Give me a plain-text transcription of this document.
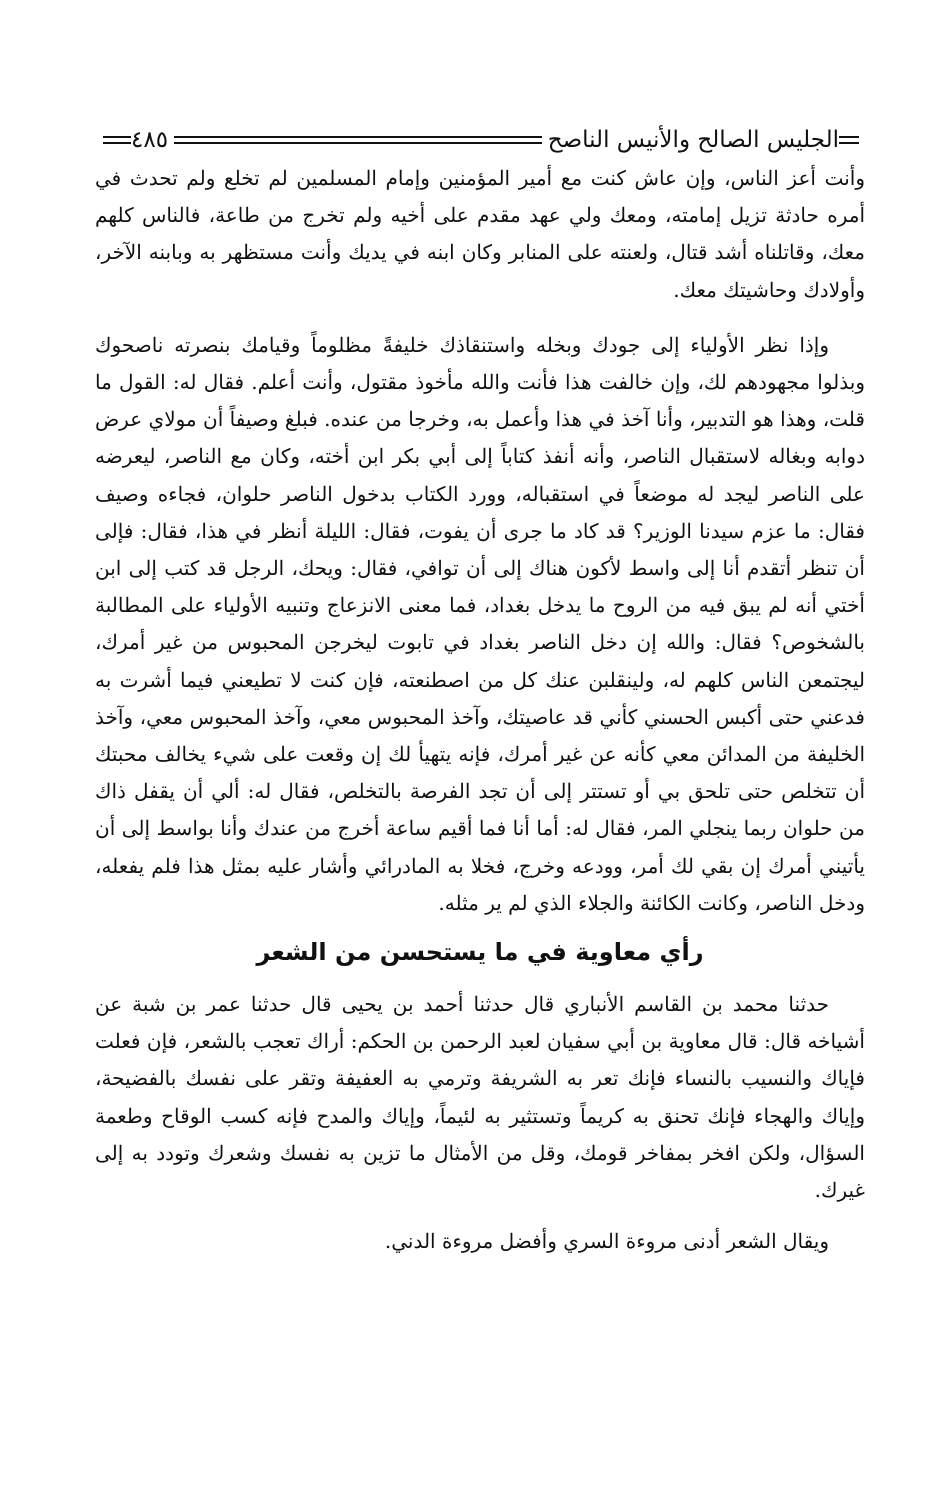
الجليس الصالح والأنيس الناصح
٤٨٥

وأنت أعز الناس، وإن عاش كنت مع أمير المؤمنين وإمام المسلمين لم تخلع ولم تحدث في أمره حادثة تزيل إمامته، ومعك ولي عهد مقدم على أخيه ولم تخرج من طاعة، فالناس كلهم معك، وقاتلناه أشد قتال، ولعنته على المنابر وكان ابنه في يديك وأنت مستظهر به وبابنه الآخر، وأولادك وحاشيتك معك.

وإذا نظر الأولياء إلى جودك وبخله واستنقاذك خليفةً مظلوماً وقيامك بنصرته ناصحوك وبذلوا مجهودهم لك، وإن خالفت هذا فأنت والله مأخوذ مقتول، وأنت أعلم. فقال له: القول ما قلت، وهذا هو التدبير، وأنا آخذ في هذا وأعمل به، وخرجا من عنده. فبلغ وصيفاً أن مولاي عرض دوابه وبغاله لاستقبال الناصر، وأنه أنفذ كتاباً إلى أبي بكر ابن أخته، وكان مع الناصر، ليعرضه على الناصر ليجد له موضعاً في استقباله، وورد الكتاب بدخول الناصر حلوان، فجاءه وصيف فقال: ما عزم سيدنا الوزير؟ قد كاد ما جرى أن يفوت، فقال: الليلة أنظر في هذا، فقال: فإلى أن تنظر أتقدم أنا إلى واسط لأكون هناك إلى أن توافي، فقال: ويحك، الرجل قد كتب إلى ابن أختي أنه لم يبق فيه من الروح ما يدخل بغداد، فما معنى الانزعاج وتنبيه الأولياء على المطالبة بالشخوص؟ فقال: والله إن دخل الناصر بغداد في تابوت ليخرجن المحبوس من غير أمرك، ليجتمعن الناس كلهم له، ولينقلبن عنك كل من اصطنعته، فإن كنت لا تطيعني فيما أشرت به فدعني حتى أكبس الحسني كأني قد عاصيتك، وآخذ المحبوس معي، وآخذ المحبوس معي، وآخذ الخليفة من المدائن معي كأنه عن غير أمرك، فإنه يتهيأ لك إن وقعت على شيء يخالف محبتك أن تتخلص حتى تلحق بي أو تستتر إلى أن تجد الفرصة بالتخلص، فقال له: ألي أن يقفل ذاك من حلوان ربما ينجلي المر، فقال له: أما أنا فما أقيم ساعة أخرج من عندك وأنا بواسط إلى أن يأتيني أمرك إن بقي لك أمر، وودعه وخرج، فخلا به المادرائي وأشار عليه بمثل هذا فلم يفعله، ودخل الناصر، وكانت الكائنة والجلاء الذي لم ير مثله.

رأي معاوية في ما يستحسن من الشعر

حدثنا محمد بن القاسم الأنباري قال حدثنا أحمد بن يحيى قال حدثنا عمر بن شبة عن أشياخه قال: قال معاوية بن أبي سفيان لعبد الرحمن بن الحكم: أراك تعجب بالشعر، فإن فعلت فإياك والنسيب بالنساء فإنك تعر به الشريفة وترمي به العفيفة وتقر على نفسك بالفضيحة، وإياك والهجاء فإنك تحنق به كريماً وتستثير به لئيماً، وإياك والمدح فإنه كسب الوقاح وطعمة السؤال، ولكن افخر بمفاخر قومك، وقل من الأمثال ما تزين به نفسك وشعرك وتودد به إلى غيرك.

ويقال الشعر أدنى مروءة السري وأفضل مروءة الدني.
